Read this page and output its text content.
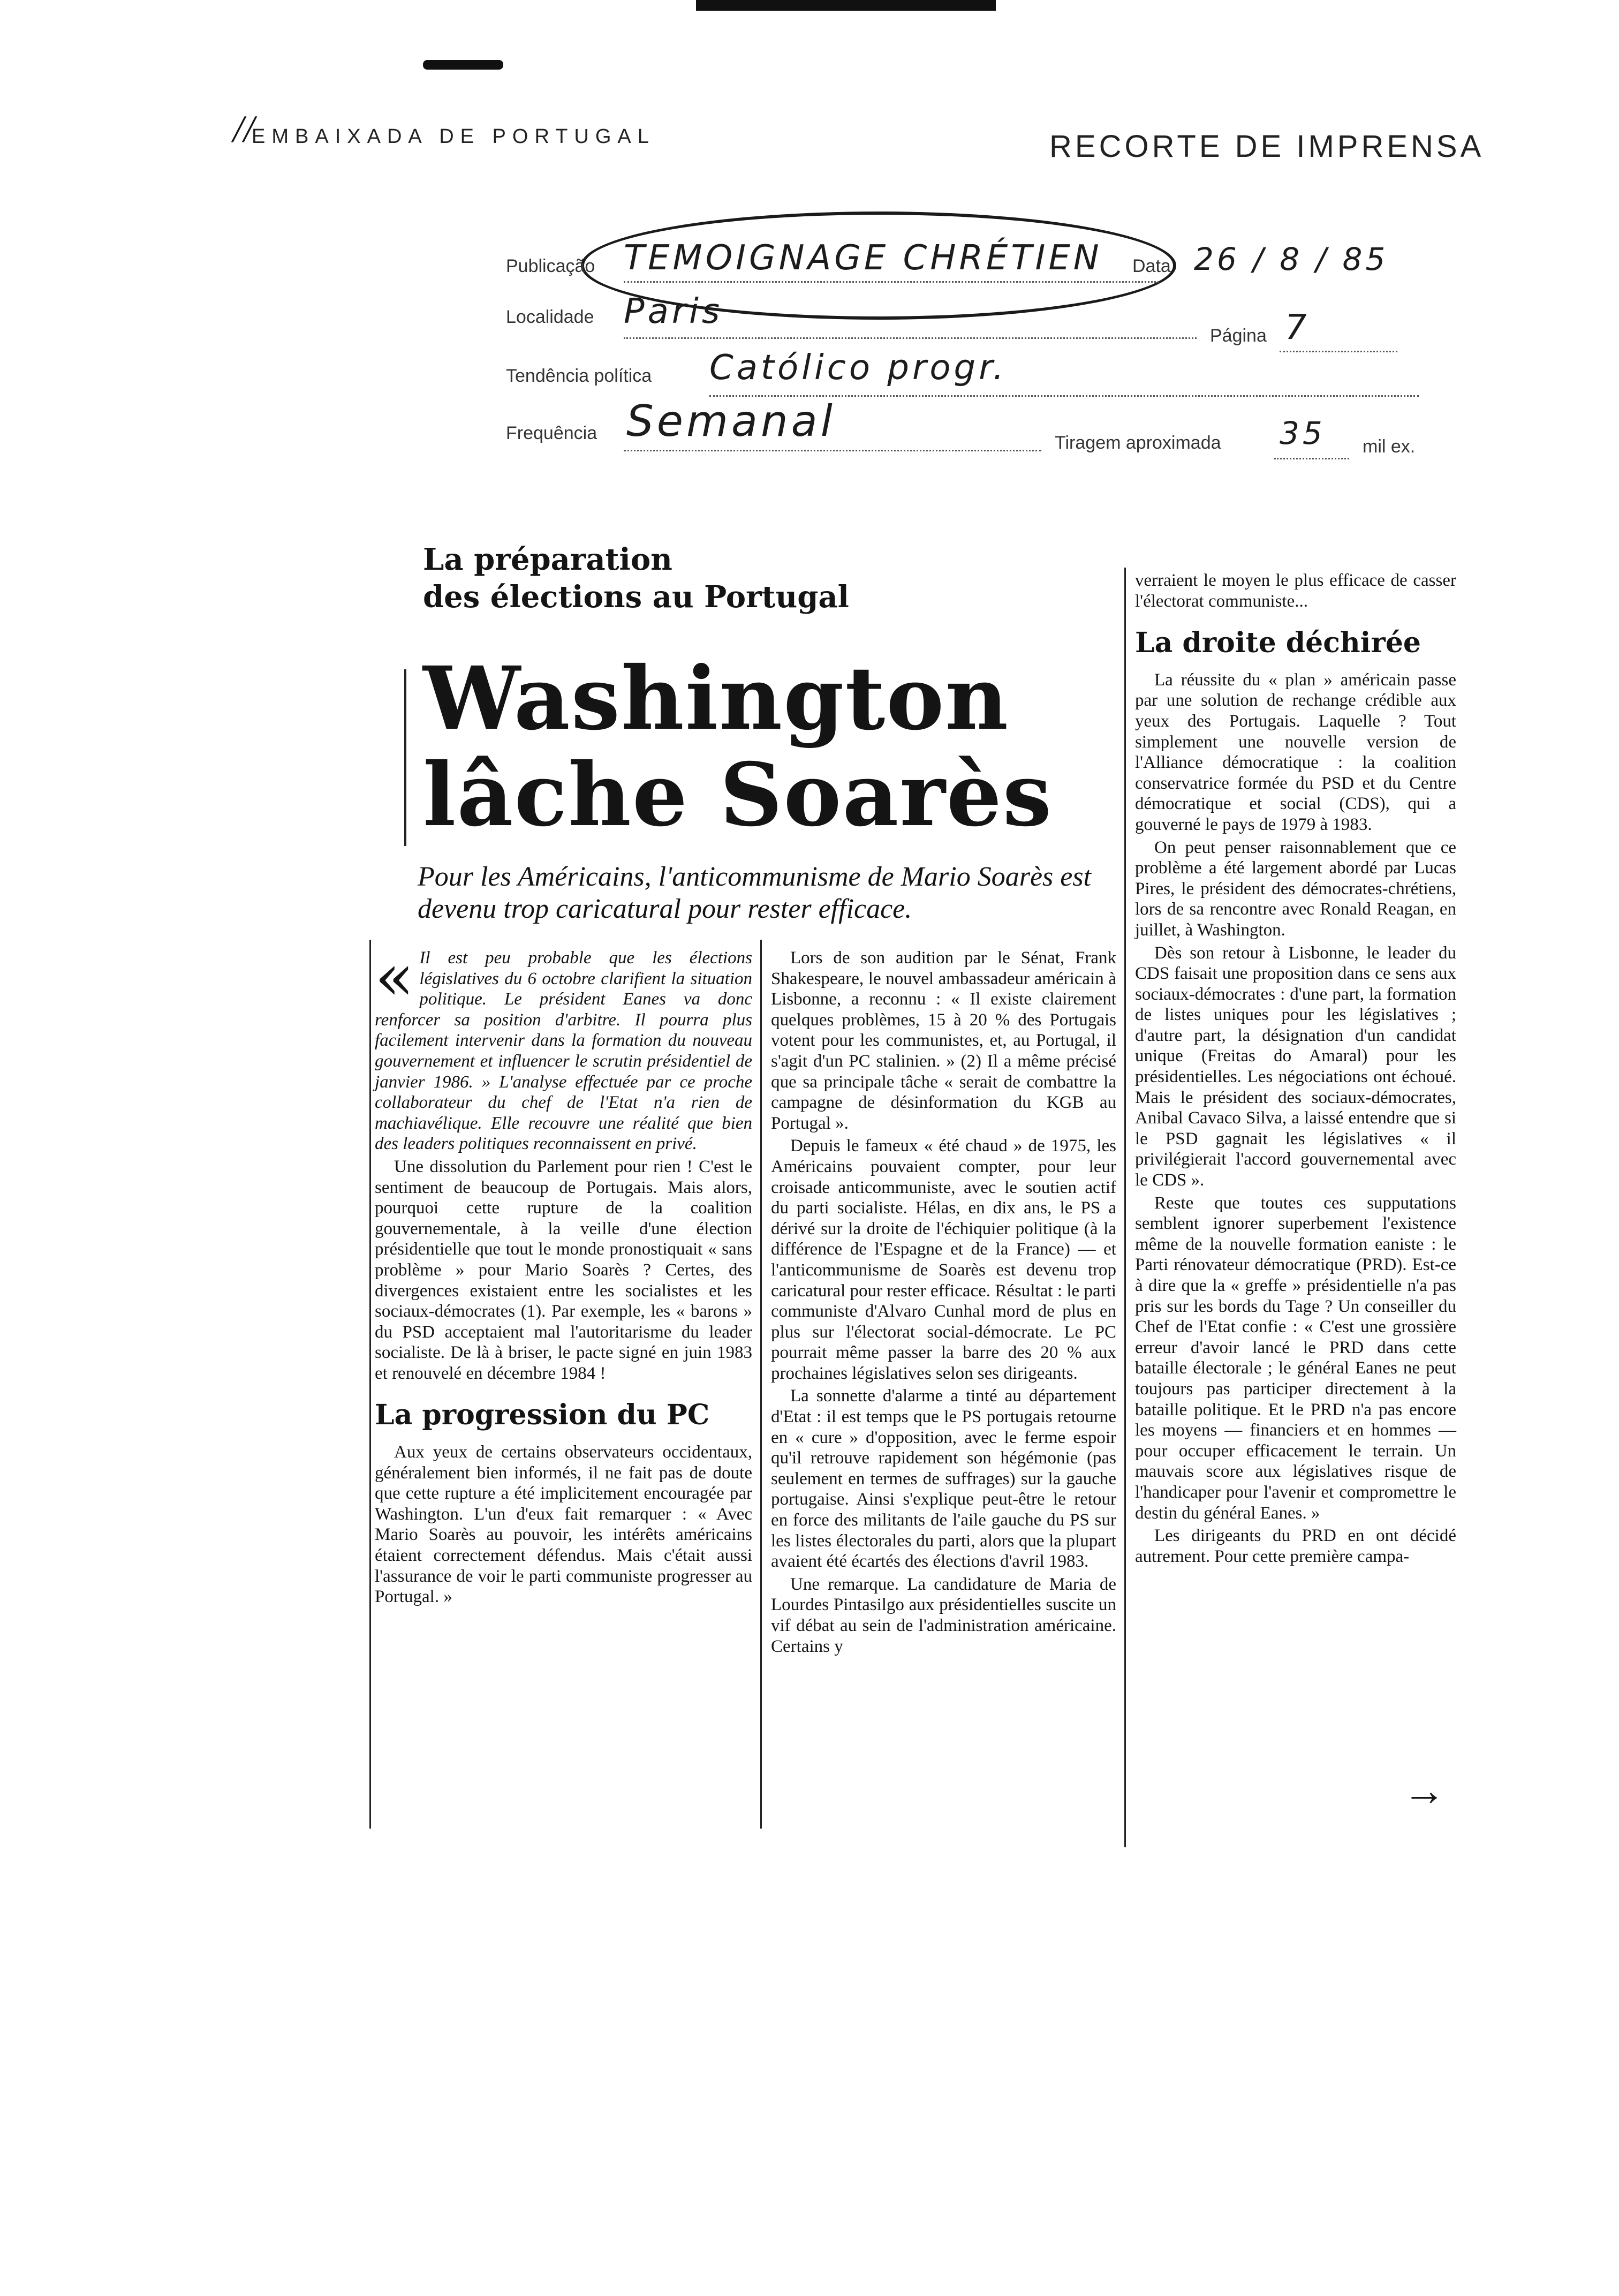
//
EMBAIXADA DE PORTUGAL	RECORTE DE IMPRENSA
Publicação TEMOIGNAGE CHRÉTIEN Data 26 / 8 / 85
Localidade Paris
Página 7
Tendência política Católico progr.
Frequência Semanal	Tiragem aproximada 35 mil ex.
La préparation
des élections au Portugal
Washington
lâche Soarès
Pour les Américains, l'anticommunisme de Mario Soarès est devenu trop caricatural pour rester efficace.

« Il est peu probable que les élections législatives du 6 octobre clarifient la situation politique. Le président Eanes va donc renforcer sa position d'arbitre. Il pourra plus facilement intervenir dans la formation du nouveau gouvernement et influencer le scrutin présidentiel de janvier 1986. » L'analyse effectuée par ce proche collaborateur du chef de l'Etat n'a rien de machiavélique. Elle recouvre une réalité que bien des leaders politiques reconnaissent en privé.

Une dissolution du Parlement pour rien ! C'est le sentiment de beaucoup de Portugais. Mais alors, pourquoi cette rupture de la coalition gouvernementale, à la veille d'une élection présidentielle que tout le monde pronostiquait « sans problème » pour Mario Soarès ? Certes, des divergences existaient entre les socialistes et les sociaux-démocrates (1). Par exemple, les « barons » du PSD acceptaient mal l'autoritarisme du leader socialiste. De là à briser, le pacte signé en juin 1983 et renouvelé en décembre 1984 !

La progression du PC

Aux yeux de certains observateurs occidentaux, généralement bien informés, il ne fait pas de doute que cette rupture a été implicitement encouragée par Washington. L'un d'eux fait remarquer : « Avec Mario Soarès au pouvoir, les intérêts américains étaient correctement défendus. Mais c'était aussi l'assurance de voir le parti communiste progresser au Portugal. »

Lors de son audition par le Sénat, Frank Shakespeare, le nouvel ambassadeur américain à Lisbonne, a reconnu : « Il existe clairement quelques problèmes, 15 à 20 % des Portugais votent pour les communistes, et, au Portugal, il s'agit d'un PC stalinien. » (2) Il a même précisé que sa principale tâche « serait de combattre la campagne de désinformation du KGB au Portugal ».

Depuis le fameux « été chaud » de 1975, les Américains pouvaient compter, pour leur croisade anticommuniste, avec le soutien actif du parti socialiste. Hélas, en dix ans, le PS a dérivé sur la droite de l'échiquier politique (à la différence de l'Espagne et de la France) — et l'anticommunisme de Soarès est devenu trop caricatural pour rester efficace. Résultat : le parti communiste d'Alvaro Cunhal mord de plus en plus sur l'électorat social-démocrate. Le PC pourrait même passer la barre des 20 % aux prochaines législatives selon ses dirigeants.

La sonnette d'alarme a tinté au département d'Etat : il est temps que le PS portugais retourne en « cure » d'opposition, avec le ferme espoir qu'il retrouve rapidement son hégémonie (pas seulement en termes de suffrages) sur la gauche portugaise. Ainsi s'explique peut-être le retour en force des militants de l'aile gauche du PS sur les listes électorales du parti, alors que la plupart avaient été écartés des élections d'avril 1983.

Une remarque. La candidature de Maria de Lourdes Pintasilgo aux présidentielles suscite un vif débat au sein de l'administration américaine. Certains y

verraient le moyen le plus efficace de casser l'électorat communiste...

La droite déchirée

La réussite du « plan » américain passe par une solution de rechange crédible aux yeux des Portugais. Laquelle ? Tout simplement une nouvelle version de l'Alliance démocratique : la coalition conservatrice formée du PSD et du Centre démocratique et social (CDS), qui a gouverné le pays de 1979 à 1983.

On peut penser raisonnablement que ce problème a été largement abordé par Lucas Pires, le président des démocrates-chrétiens, lors de sa rencontre avec Ronald Reagan, en juillet, à Washington.

Dès son retour à Lisbonne, le leader du CDS faisait une proposition dans ce sens aux sociaux-démocrates : d'une part, la formation de listes uniques pour les législatives ; d'autre part, la désignation d'un candidat unique (Freitas do Amaral) pour les présidentielles. Les négociations ont échoué. Mais le président des sociaux-démocrates, Anibal Cavaco Silva, a laissé entendre que si le PSD gagnait les législatives « il privilégierait l'accord gouvernemental avec le CDS ».

Reste que toutes ces supputations semblent ignorer superbement l'existence même de la nouvelle formation eaniste : le Parti rénovateur démocratique (PRD). Est-ce à dire que la « greffe » présidentielle n'a pas pris sur les bords du Tage ? Un conseiller du Chef de l'Etat confie : « C'est une grossière erreur d'avoir lancé le PRD dans cette bataille électorale ; le général Eanes ne peut toujours pas participer directement à la bataille politique. Et le PRD n'a pas encore les moyens — financiers et en hommes — pour occuper efficacement le terrain. Un mauvais score aux législatives risque de l'handicaper pour l'avenir et compromettre le destin du général Eanes. »

Les dirigeants du PRD en ont décidé autrement. Pour cette première campa-

→
